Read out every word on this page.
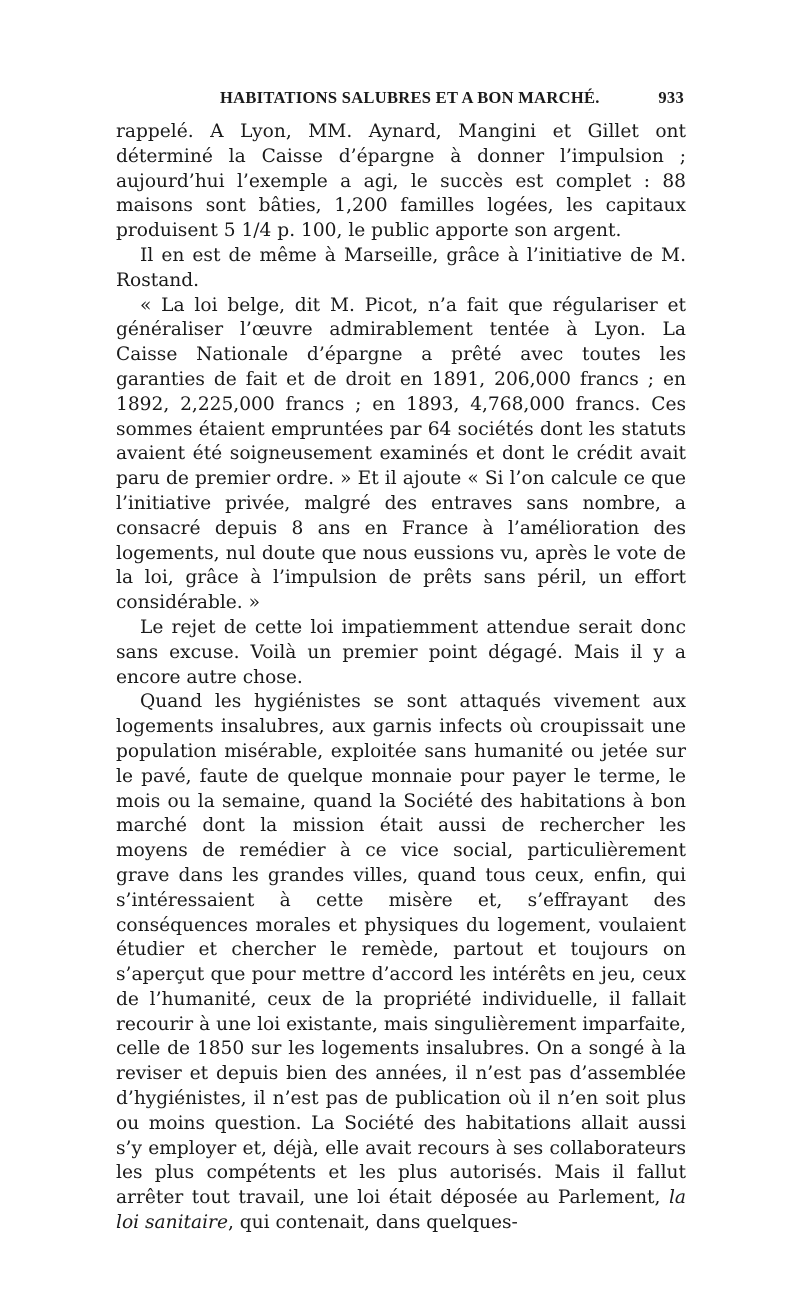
HABITATIONS SALUBRES ET A BON MARCHÉ.	933

rappelé. A Lyon, MM. Aynard, Mangini et Gillet ont déterminé la Caisse d’épargne à donner l’impulsion ; aujourd’hui l’exemple a agi, le succès est complet : 88 maisons sont bâties, 1,200 familles logées, les capitaux produisent 5 1/4 p. 100, le public apporte son argent.

Il en est de même à Marseille, grâce à l’initiative de M. Rostand.

« La loi belge, dit M. Picot, n’a fait que régulariser et généraliser l’œuvre admirablement tentée à Lyon. La Caisse Nationale d’épargne a prêté avec toutes les garanties de fait et de droit en 1891, 206,000 francs ; en 1892, 2,225,000 francs ; en 1893, 4,768,000 francs. Ces sommes étaient empruntées par 64 sociétés dont les statuts avaient été soigneusement examinés et dont le crédit avait paru de premier ordre. » Et il ajoute « Si l’on calcule ce que l’initiative privée, malgré des entraves sans nombre, a consacré depuis 8 ans en France à l’amélioration des logements, nul doute que nous eussions vu, après le vote de la loi, grâce à l’impulsion de prêts sans péril, un effort considérable. »

Le rejet de cette loi impatiemment attendue serait donc sans excuse. Voilà un premier point dégagé. Mais il y a encore autre chose.

Quand les hygiénistes se sont attaqués vivement aux logements insalubres, aux garnis infects où croupissait une population misérable, exploitée sans humanité ou jetée sur le pavé, faute de quelque monnaie pour payer le terme, le mois ou la semaine, quand la Société des habitations à bon marché dont la mission était aussi de rechercher les moyens de remédier à ce vice social, particulièrement grave dans les grandes villes, quand tous ceux, enfin, qui s’intéressaient à cette misère et, s’effrayant des conséquences morales et physiques du logement, voulaient étudier et chercher le remède, partout et toujours on s’aperçut que pour mettre d’accord les intérêts en jeu, ceux de l’humanité, ceux de la propriété individuelle, il fallait recourir à une loi existante, mais singulièrement imparfaite, celle de 1850 sur les logements insalubres. On a songé à la reviser et depuis bien des années, il n’est pas d’assemblée d’hygiénistes, il n’est pas de publication où il n’en soit plus ou moins question. La Société des habitations allait aussi s’y employer et, déjà, elle avait recours à ses collaborateurs les plus compétents et les plus autorisés. Mais il fallut arrêter tout travail, une loi était déposée au Parlement, la loi sanitaire, qui contenait, dans quelques-
